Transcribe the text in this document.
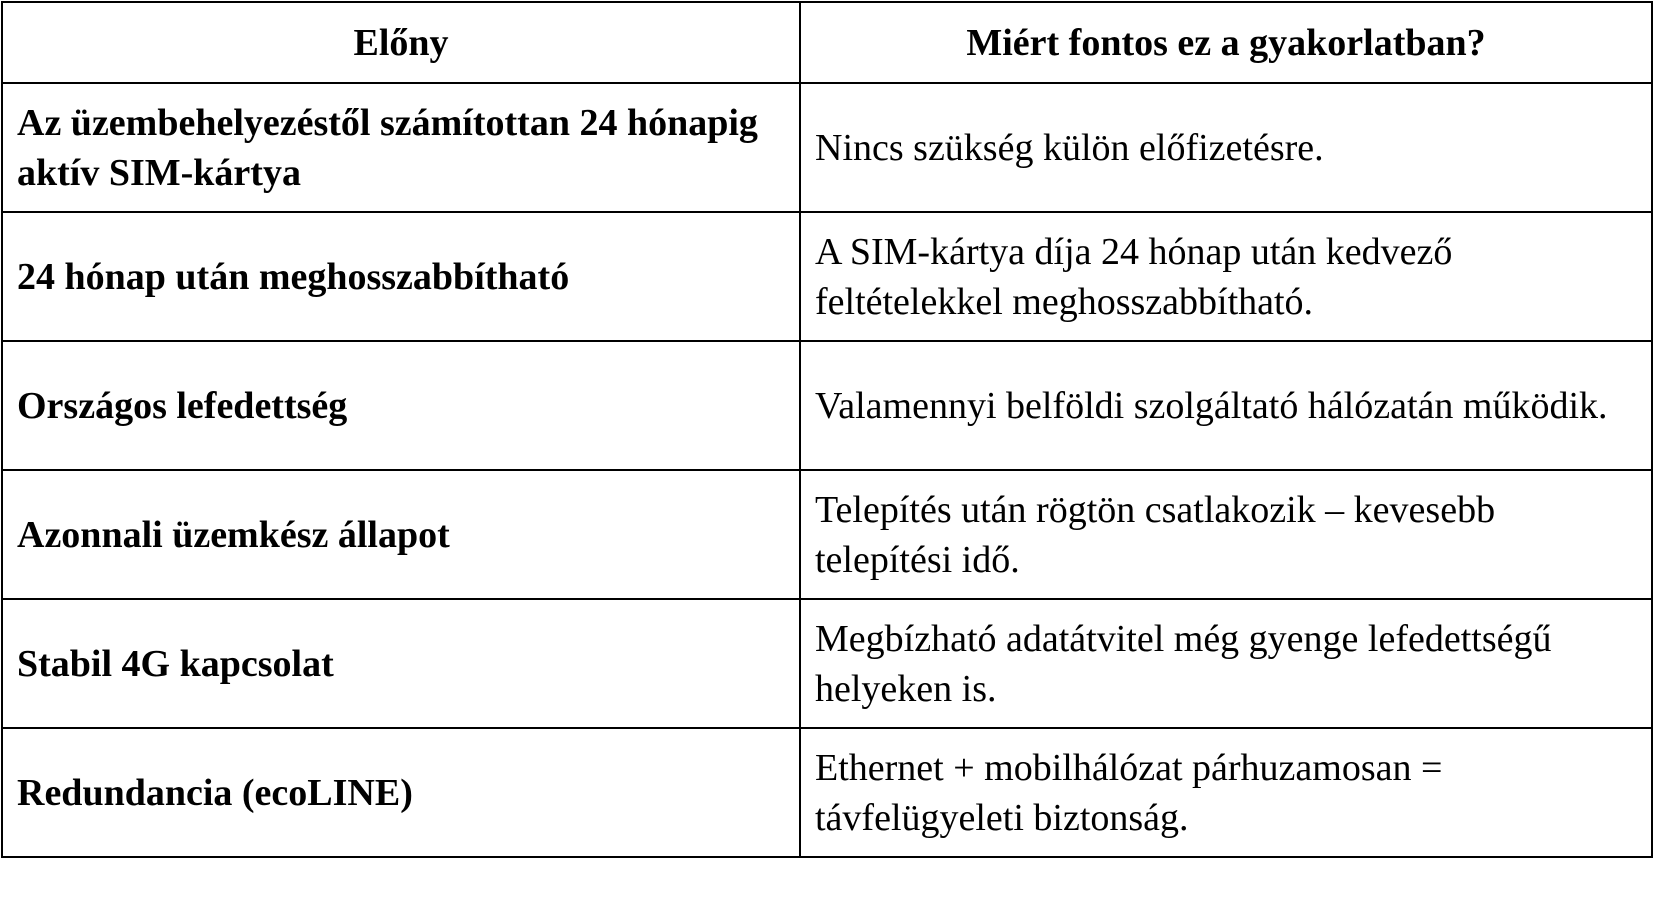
Előny	Miért fontos ez a gyakorlatban?
Az üzembehelyezéstől számítottan 24 hónapig aktív SIM-kártya	Nincs szükség külön előfizetésre.
24 hónap után meghosszabbítható	A SIM-kártya díja 24 hónap után kedvező feltételekkel meghosszabbítható.
Országos lefedettség	Valamennyi belföldi szolgáltató hálózatán működik.
Azonnali üzemkész állapot	Telepítés után rögtön csatlakozik – kevesebb telepítési idő.
Stabil 4G kapcsolat	Megbízható adatátvitel még gyenge lefedettségű helyeken is.
Redundancia (ecoLINE)	Ethernet + mobilhálózat párhuzamosan = távfelügyeleti biztonság.
